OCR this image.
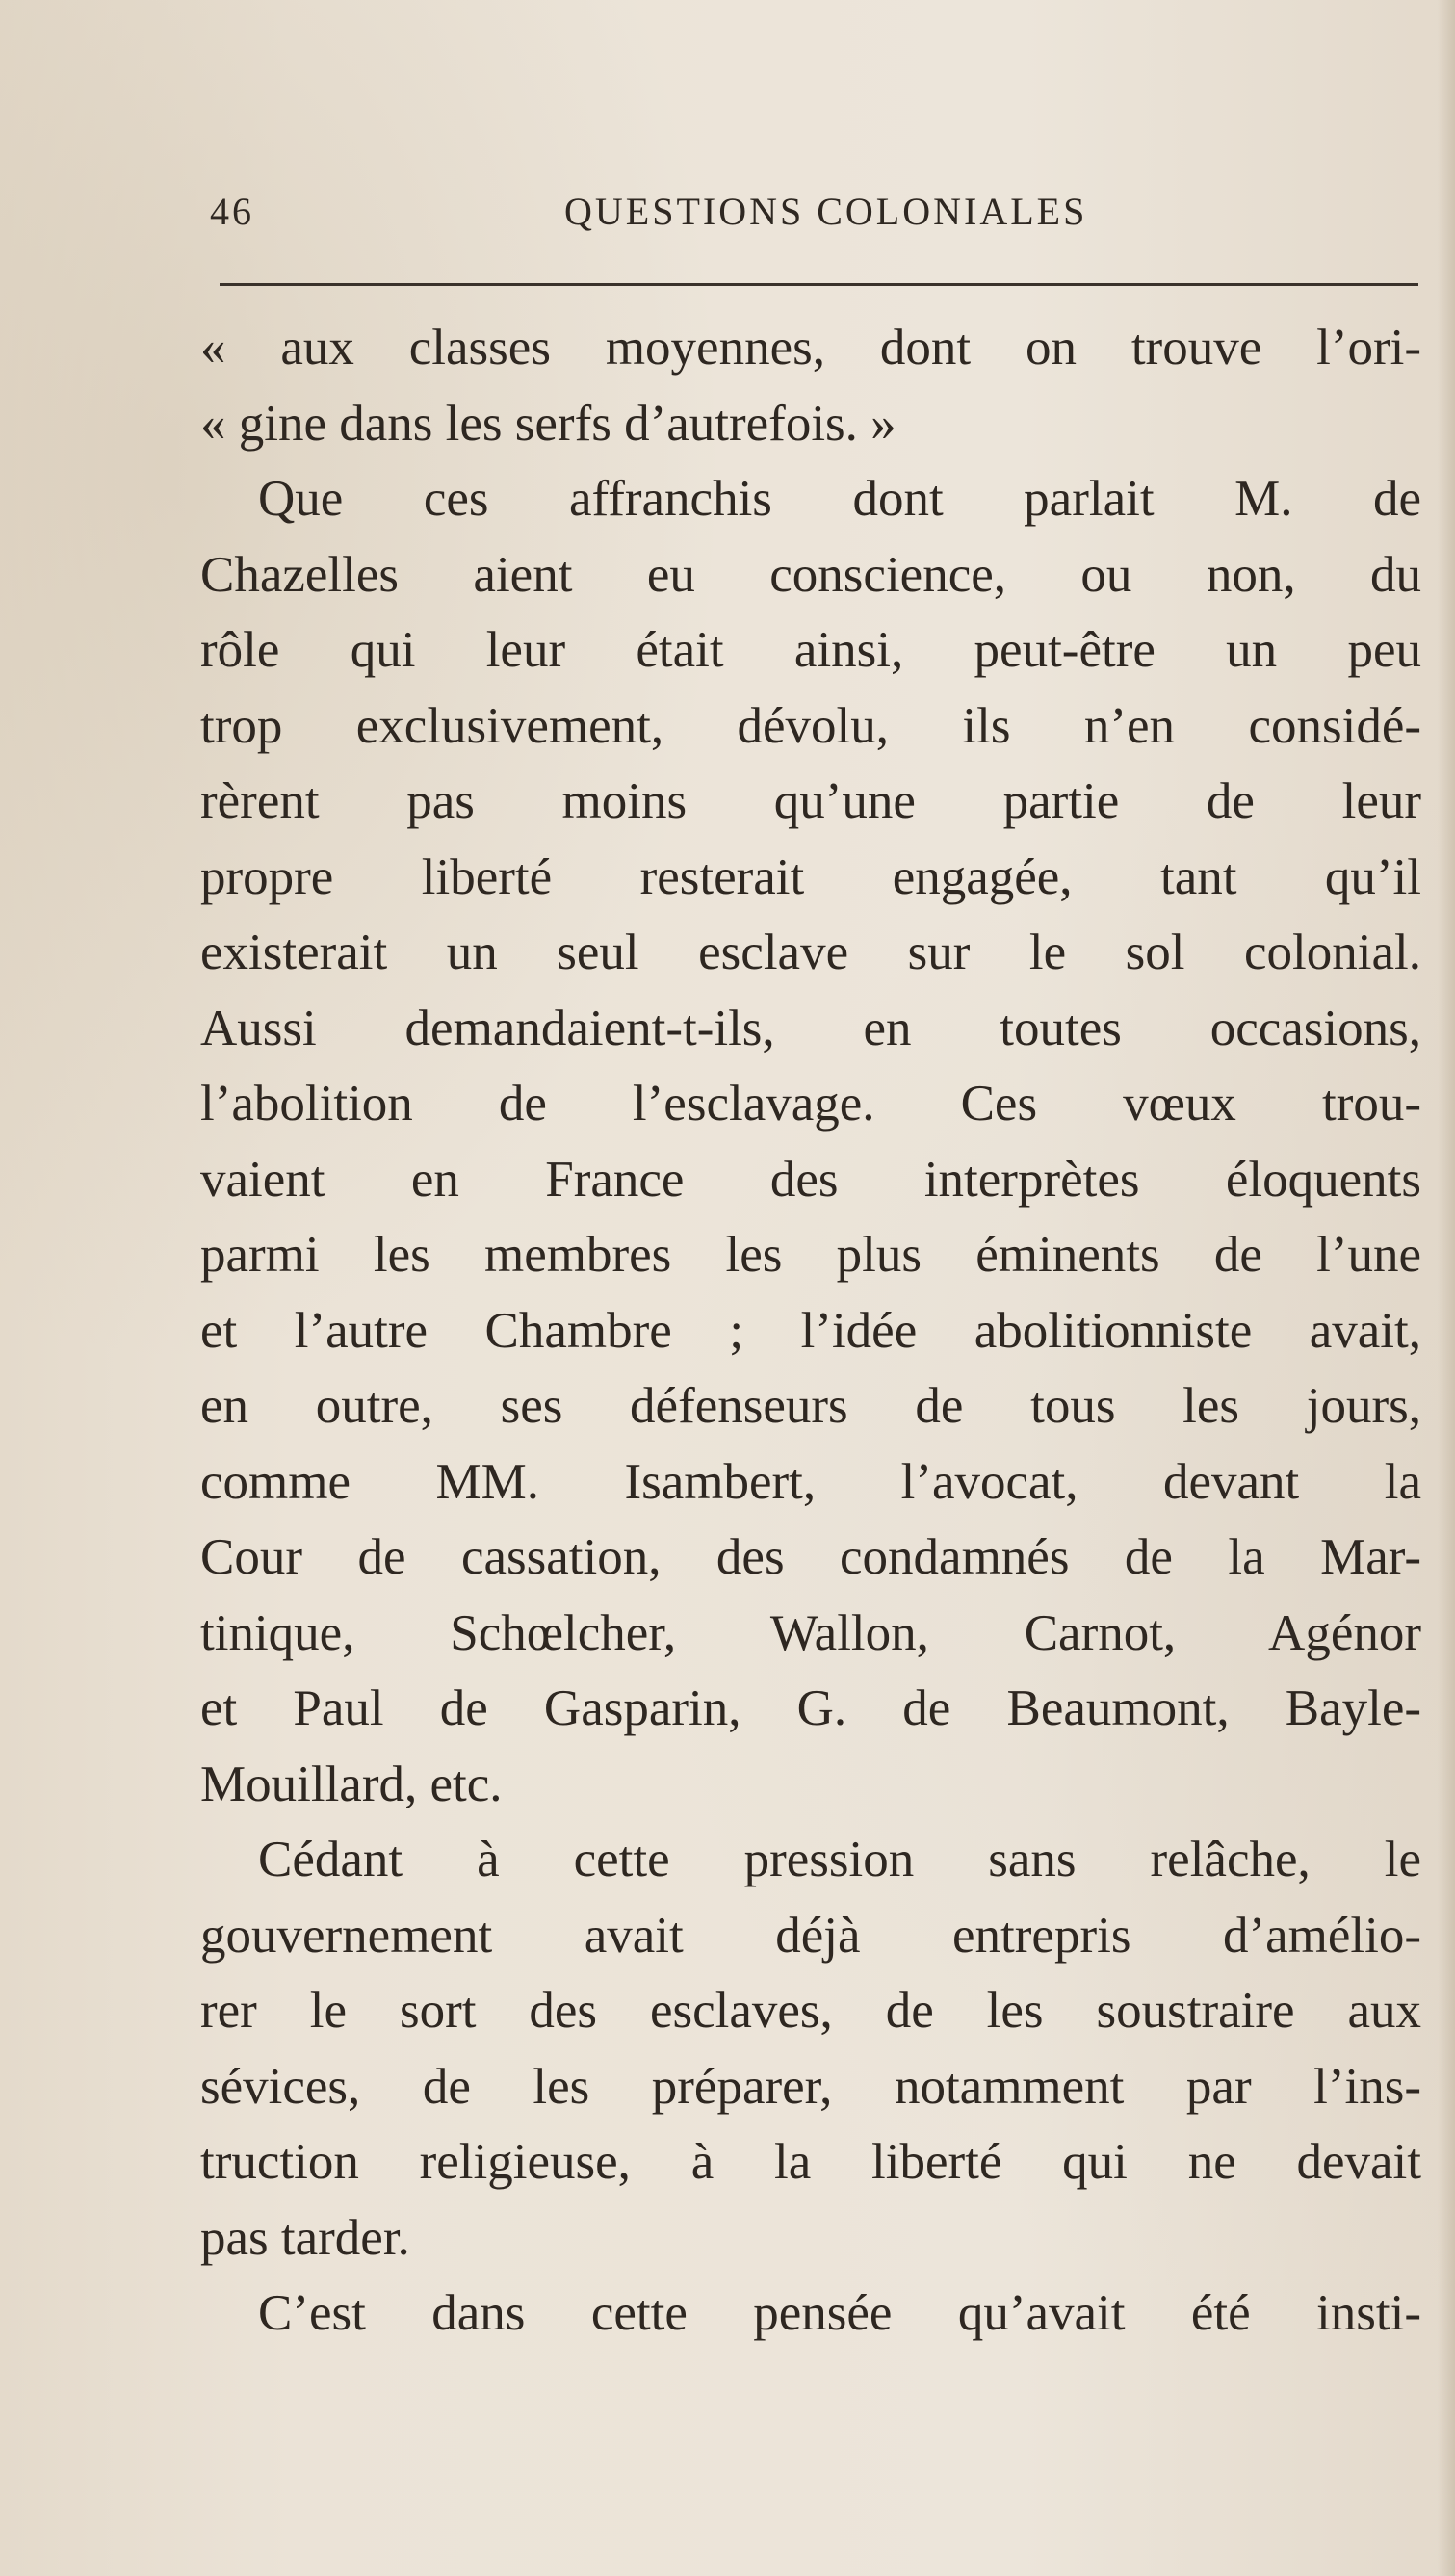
46	QUESTIONS COLONIALES
« aux classes moyennes, dont on trouve l’ori-
« gine dans les serfs d’autrefois. »
Que ces affranchis dont parlait M. de
Chazelles aient eu conscience, ou non, du
rôle qui leur était ainsi, peut-être un peu
trop exclusivement, dévolu, ils n’en considé-
rèrent pas moins qu’une partie de leur
propre liberté resterait engagée, tant qu’il
existerait un seul esclave sur le sol colonial.
Aussi demandaient-t-ils, en toutes occasions,
l’abolition de l’esclavage. Ces vœux trou-
vaient en France des interprètes éloquents
parmi les membres les plus éminents de l’une
et l’autre Chambre ; l’idée abolitionniste avait,
en outre, ses défenseurs de tous les jours,
comme MM. Isambert, l’avocat, devant la
Cour de cassation, des condamnés de la Mar-
tinique, Schœlcher, Wallon, Carnot, Agénor
et Paul de Gasparin, G. de Beaumont, Bayle-
Mouillard, etc.
Cédant à cette pression sans relâche, le
gouvernement avait déjà entrepris d’amélio-
rer le sort des esclaves, de les soustraire aux
sévices, de les préparer, notamment par l’ins-
truction religieuse, à la liberté qui ne devait
pas tarder.
C’est dans cette pensée qu’avait été insti-
